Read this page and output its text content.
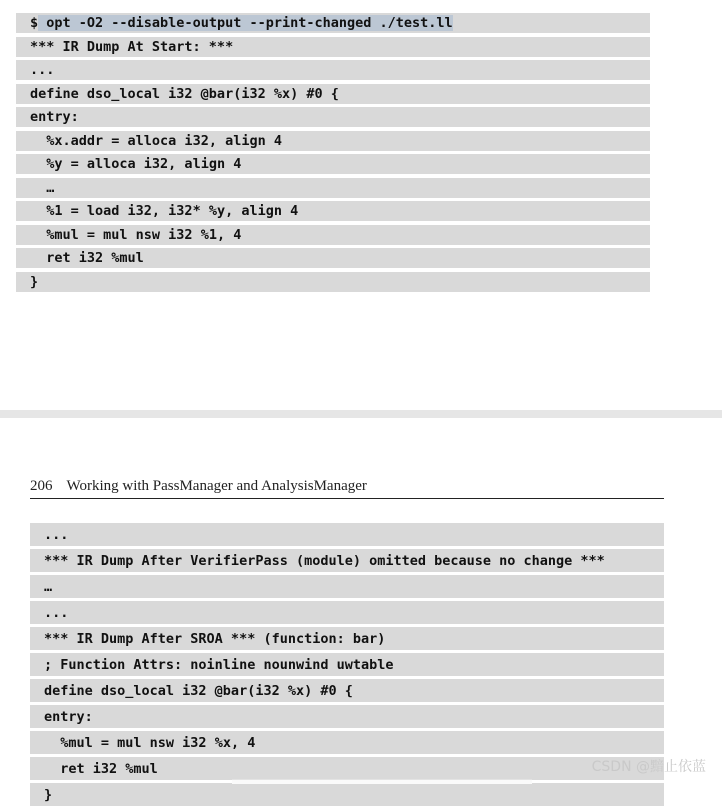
$ opt -O2 --disable-output --print-changed ./test.ll
*** IR Dump At Start: ***
...
define dso_local i32 @bar(i32 %x) #0 {
entry:
%x.addr = alloca i32, align 4
%y = alloca i32, align 4
…
%1 = load i32, i32* %y, align 4
%mul = mul nsw i32 %1, 4
ret i32 %mul
}
206 Working with PassManager and AnalysisManager
...
*** IR Dump After VerifierPass (module) omitted because no change ***
…
...
*** IR Dump After SROA *** (function: bar)
; Function Attrs: noinline nounwind uwtable
define dso_local i32 @bar(i32 %x) #0 {
entry:
%mul = mul nsw i32 %x, 4
ret i32 %mul
}
CSDN @黯止依蓝
